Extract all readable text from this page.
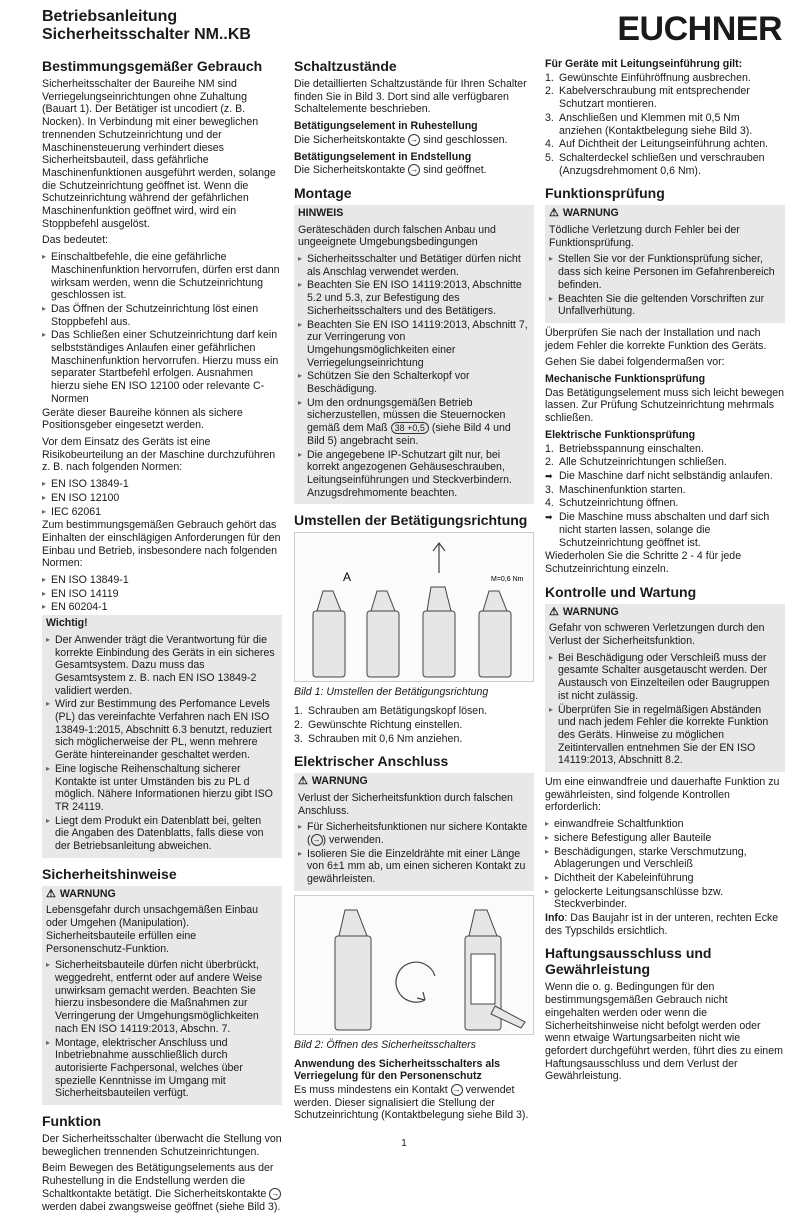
Betriebsanleitung
Sicherheitsschalter NM..KB	EUCHNER
Bestimmungsgemäßer Gebrauch

Sicherheitsschalter der Baureihe NM sind Verriegelungseinrichtungen ohne Zuhaltung (Bauart 1). Der Betätiger ist uncodiert (z. B. Nocken). In Verbindung mit einer beweglichen trennenden Schutzeinrichtung und der Maschinensteuerung verhindert dieses Sicherheitsbauteil, dass gefährliche Maschinenfunktionen ausgeführt werden, solange die Schutzeinrichtung geöffnet ist. Wenn die Schutzeinrichtung während der gefährlichen Maschinenfunktion geöffnet wird, wird ein Stoppbefehl ausgelöst.

Das bedeutet:

▸ Einschaltbefehle, die eine gefährliche Maschinenfunktion hervorrufen, dürfen erst dann wirksam werden, wenn die Schutzeinrichtung geschlossen ist.
▸ Das Öffnen der Schutzeinrichtung löst einen Stoppbefehl aus.
▸ Das Schließen einer Schutzeinrichtung darf kein selbstständiges Anlaufen einer gefährlichen Maschinenfunktion hervorrufen. Hierzu muss ein separater Startbefehl erfolgen. Ausnahmen hierzu siehe EN ISO 12100 oder relevante C-Normen

Geräte dieser Baureihe können als sichere Positionsgeber eingesetzt werden.

Vor dem Einsatz des Geräts ist eine Risikobeurteilung an der Maschine durchzuführen z. B. nach folgenden Normen:

▸ EN ISO 13849-1
▸ EN ISO 12100
▸ IEC 62061

Zum bestimmungsgemäßen Gebrauch gehört das Einhalten der einschlägigen Anforderungen für den Einbau und Betrieb, insbesondere nach folgenden Normen:

▸ EN ISO 13849-1
▸ EN ISO 14119
▸ EN 60204-1
Wichtig!
▸ Der Anwender trägt die Verantwortung für die korrekte Einbindung des Geräts in ein sicheres Gesamtsystem. Dazu muss das Gesamtsystem z. B. nach EN ISO 13849-2 validiert werden.
▸ Wird zur Bestimmung des Perfomance Levels (PL) das vereinfachte Verfahren nach EN ISO 13849-1:2015, Abschnitt 6.3 benutzt, reduziert sich möglicherweise der PL, wenn mehrere Geräte hintereinander geschaltet werden.
▸ Eine logische Reihenschaltung sicherer Kontakte ist unter Umständen bis zu PL d möglich. Nähere Informationen hierzu gibt ISO TR 24119.
▸ Liegt dem Produkt ein Datenblatt bei, gelten die Angaben des Datenblatts, falls diese von der Betriebsanleitung abweichen.
Sicherheitshinweise
⚠ WARNUNG

Lebensgefahr durch unsachgemäßen Einbau oder Umgehen (Manipulation). Sicherheitsbauteile erfüllen eine Personenschutz-Funktion.

▸ Sicherheitsbauteile dürfen nicht überbrückt, weggedreht, entfernt oder auf andere Weise unwirksam gemacht werden. Beachten Sie hierzu insbesondere die Maßnahmen zur Verringerung der Umgehungsmöglichkeiten nach EN ISO 14119:2013, Abschn. 7.
▸ Montage, elektrischer Anschluss und Inbetriebnahme ausschließlich durch autorisierte Fachpersonal, welches über spezielle Kenntnisse im Umgang mit Sicherheitsbauteilen verfügt.
Funktion

Der Sicherheitsschalter überwacht die Stellung von beweglichen trennenden Schutzeinrichtungen.

Beim Bewegen des Betätigungselements aus der Ruhestellung in die Endstellung werden die Schaltkontakte betätigt. Die Sicherheitskontakte → werden dabei zwangsweise geöffnet (siehe Bild 3).

Schaltzustände

Die detaillierten Schaltzustände für Ihren Schalter finden Sie in Bild 3. Dort sind alle verfügbaren Schaltelemente beschrieben.

Betätigungselement in Ruhestellung

Die Sicherheitskontakte → sind geschlossen.

Betätigungselement in Endstellung

Die Sicherheitskontakte → sind geöffnet.

Montage
HINWEIS

Geräteschäden durch falschen Anbau und ungeeignete Umgebungsbedingungen

▸ Sicherheitsschalter und Betätiger dürfen nicht als Anschlag verwendet werden.
▸ Beachten Sie EN ISO 14119:2013, Abschnitte 5.2 und 5.3, zur Befestigung des Sicherheitsschalters und des Betätigers.
▸ Beachten Sie EN ISO 14119:2013, Abschnitt 7, zur Verringerung von Umgehungsmöglichkeiten einer Verriegelungseinrichtung
▸ Schützen Sie den Schalterkopf vor Beschädigung.
▸ Um den ordnungsgemäßen Betrieb sicherzustellen, müssen die Steuernocken gemäß dem Maß 38 +0,5 (siehe Bild 4 und Bild 5) angebracht sein.
▸ Die angegebene IP-Schutzart gilt nur, bei korrekt angezogenen Gehäuseschrauben, Leitungseinführungen und Steckverbindern. Anzugsdrehmomente beachten.
Umstellen der Betätigungsrichtung
A	M=0,6 Nm
Bild 1: Umstellen der Betätigungsrichtung
1. Schrauben am Betätigungskopf lösen.
2. Gewünschte Richtung einstellen.
3. Schrauben mit 0,6 Nm anziehen.
Elektrischer Anschluss
⚠ WARNUNG

Verlust der Sicherheitsfunktion durch falschen Anschluss.

▸ Für Sicherheitsfunktionen nur sichere Kontakte ( → ) verwenden.
▸ Isolieren Sie die Einzeldrähte mit einer Länge von 6±1 mm ab, um einen sicheren Kontakt zu gewährleisten.
Bild 2: Öffnen des Sicherheitsschalters
Anwendung des Sicherheitsschalters als Verriegelung für den Personenschutz

Es muss mindestens ein Kontakt → verwendet werden. Dieser signalisiert die Stellung der Schutzeinrichtung (Kontaktbelegung siehe Bild 3).

Für Geräte mit Leitungseinführung gilt:
1. Gewünschte Einführöffnung ausbrechen.
2. Kabelverschraubung mit entsprechender Schutzart montieren.
3. Anschließen und Klemmen mit 0,5 Nm anziehen (Kontaktbelegung siehe Bild 3).
4. Auf Dichtheit der Leitungseinführung achten.
5. Schalterdeckel schließen und verschrauben (Anzugsdrehmoment 0,6 Nm).
Funktionsprüfung
⚠ WARNUNG

Tödliche Verletzung durch Fehler bei der Funktionsprüfung.

▸ Stellen Sie vor der Funktionsprüfung sicher, dass sich keine Personen im Gefahrenbereich befinden.
▸ Beachten Sie die geltenden Vorschriften zur Unfallverhütung.

Überprüfen Sie nach der Installation und nach jedem Fehler die korrekte Funktion des Geräts.

Gehen Sie dabei folgendermaßen vor:

Mechanische Funktionsprüfung

Das Betätigungselement muss sich leicht bewegen lassen. Zur Prüfung Schutzeinrichtung mehrmals schließen.

Elektrische Funktionsprüfung
1. Betriebsspannung einschalten.
2. Alle Schutzeinrichtungen schließen.
➡ Die Maschine darf nicht selbständig anlaufen.
3. Maschinenfunktion starten.
4. Schutzeinrichtung öffnen.
➡ Die Maschine muss abschalten und darf sich nicht starten lassen, solange die Schutzeinrichtung geöffnet ist.

Wiederholen Sie die Schritte 2 - 4 für jede Schutzeinrichtung einzeln.

Kontrolle und Wartung
⚠ WARNUNG

Gefahr von schweren Verletzungen durch den Verlust der Sicherheitsfunktion.

▸ Bei Beschädigung oder Verschleiß muss der gesamte Schalter ausgetauscht werden. Der Austausch von Einzelteilen oder Baugruppen ist nicht zulässig.
▸ Überprüfen Sie in regelmäßigen Abständen und nach jedem Fehler die korrekte Funktion des Geräts. Hinweise zu möglichen Zeitintervallen entnehmen Sie der EN ISO 14119:2013, Abschnitt 8.2.

Um eine einwandfreie und dauerhafte Funktion zu gewährleisten, sind folgende Kontrollen erforderlich:

▸ einwandfreie Schaltfunktion
▸ sichere Befestigung aller Bauteile
▸ Beschädigungen, starke Verschmutzung, Ablagerungen und Verschleiß
▸ Dichtheit der Kabeleinführung
▸ gelockerte Leitungsanschlüsse bzw. Steckverbinder.

Info: Das Baujahr ist in der unteren, rechten Ecke des Typschilds ersichtlich.

Haftungsausschluss und Gewährleistung

Wenn die o. g. Bedingungen für den bestimmungsgemäßen Gebrauch nicht eingehalten werden oder wenn die Sicherheitshinweise nicht befolgt werden oder wenn etwaige Wartungsarbeiten nicht wie gefordert durchgeführt werden, führt dies zu einem Haftungsausschluss und dem Verlust der Gewährleistung.

1
